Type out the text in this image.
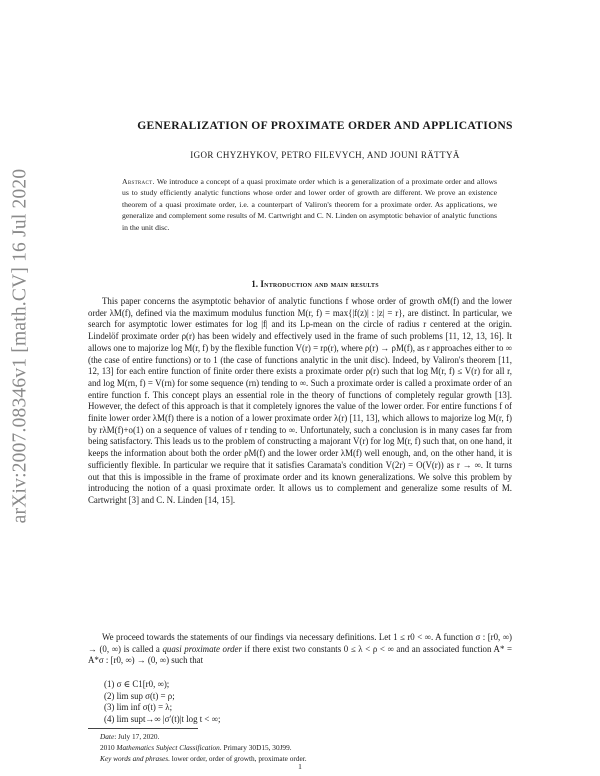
arXiv:2007.08346v1 [math.CV] 16 Jul 2020
GENERALIZATION OF PROXIMATE ORDER AND APPLICATIONS

IGOR CHYZHYKOV, PETRO FILEVYCH, AND JOUNI RÄTTYÄ

Abstract. We introduce a concept of a quasi proximate order which is a generalization of a proximate order and allows us to study efficiently analytic functions whose order and lower order of growth are different. We prove an existence theorem of a quasi proximate order, i.e. a counterpart of Valiron's theorem for a proximate order. As applications, we generalize and complement some results of M. Cartwright and C. N. Linden on asymptotic behavior of analytic functions in the unit disc.

1. Introduction and main results

This paper concerns the asymptotic behavior of analytic functions f whose order of growth σM(f) and the lower order λM(f), defined via the maximum modulus function M(r, f) = max{|f(z)| : |z| = r}, are distinct. In particular, we search for asymptotic lower estimates for log |f| and its Lp-mean on the circle of radius r centered at the origin. Lindelöf proximate order ρ(r) has been widely and effectively used in the frame of such problems [11, 12, 13, 16]. It allows one to majorize log M(r, f) by the flexible function V(r) = rρ(r), where ρ(r) → ρM(f), as r approaches either to ∞ (the case of entire functions) or to 1 (the case of functions analytic in the unit disc). Indeed, by Valiron's theorem [11, 12, 13] for each entire function of finite order there exists a proximate order ρ(r) such that log M(r, f) ≤ V(r) for all r, and log M(rn, f) = V(rn) for some sequence (rn) tending to ∞. Such a proximate order is called a proximate order of an entire function f. This concept plays an essential role in the theory of functions of completely regular growth [13]. However, the defect of this approach is that it completely ignores the value of the lower order. For entire functions f of finite lower order λM(f) there is a notion of a lower proximate order λ(r) [11, 13], which allows to majorize log M(r, f) by rλM(f)+o(1) on a sequence of values of r tending to ∞. Unfortunately, such a conclusion is in many cases far from being satisfactory. This leads us to the problem of constructing a majorant V(r) for log M(r, f) such that, on one hand, it keeps the information about both the order ρM(f) and the lower order λM(f) well enough, and, on the other hand, it is sufficiently flexible. In particular we require that it satisfies Caramata's condition V(2r) = O(V(r)) as r → ∞. It turns out that this is impossible in the frame of proximate order and its known generalizations. We solve this problem by introducing the notion of a quasi proximate order. It allows us to complement and generalize some results of M. Cartwright [3] and C. N. Linden [14, 15].

We proceed towards the statements of our findings via necessary definitions. Let 1 ≤ r0 < ∞. A function σ : [r0, ∞) → (0, ∞) is called a quasi proximate order if there exist two constants 0 ≤ λ < ρ < ∞ and an associated function A* = A*σ : [r0, ∞) → (0, ∞) such that

(1) σ ∈ C1[r0, ∞);
(2) lim sup σ(t) = ρ;
(3) lim inf σ(t) = λ;
(4) lim supt→∞ |σ′(t)|t log t < ∞;

Date: July 17, 2020.

2010 Mathematics Subject Classification. Primary 30D15, 30J99.

Key words and phrases. lower order, order of growth, proximate order.

1
